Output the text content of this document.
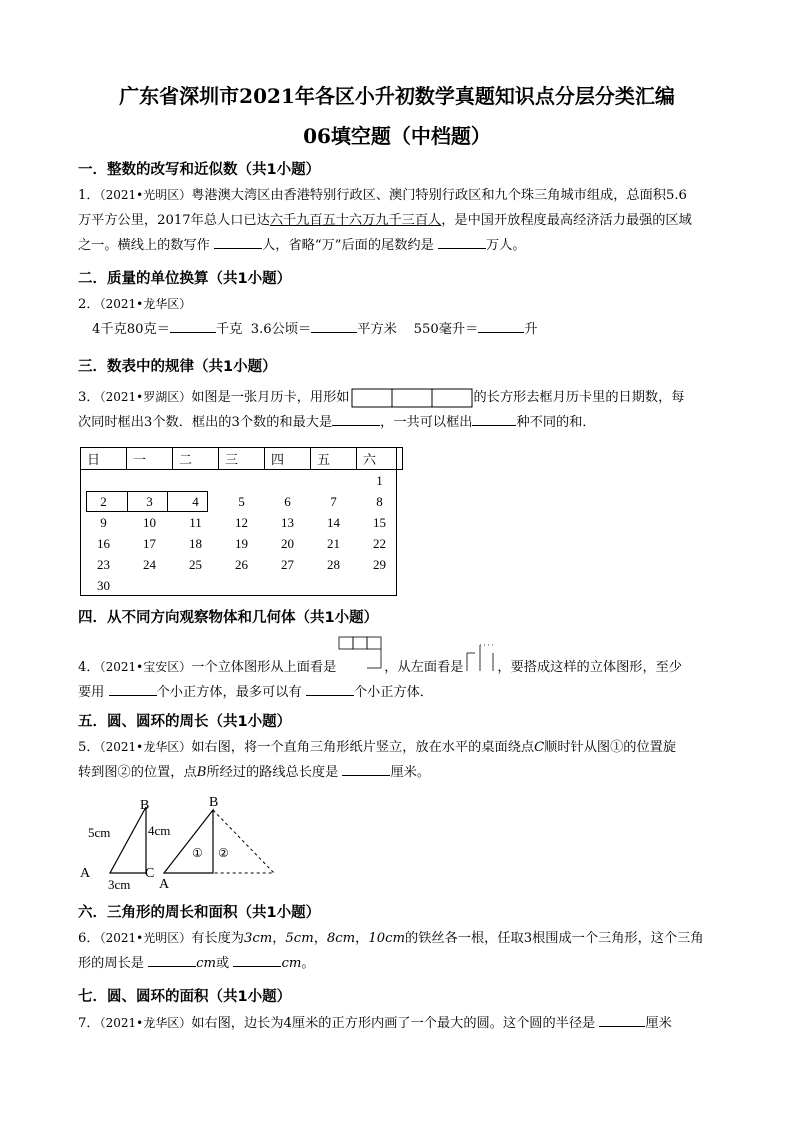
广东省深圳市2021年各区小升初数学真题知识点分层分类汇编
06填空题（中档题）
一．整数的改写和近似数（共1小题）
1．（2021•光明区）粤港澳大湾区由香港特别行政区、澳门特别行政区和九个珠三角城市组成，总面积5.6
万平方公里，2017年总人口已达六千九百五十六万九千三百人，是中国开放程度最高经济活力最强的区域
之一。横线上的数写作	人，省略“万”后面的尾数约是	万人。
二．质量的单位换算（共1小题）
2．（2021•龙华区）
4千克80克＝	千克 3.6公顷＝	平方米 550毫升＝	升
三．数表中的规律（共1小题）
3．（2021•罗湖区）如图是一张月历卡，用形如	的长方形去框月历卡里的日期数，每
次同时框出3个数．框出的3个数的和最大是	，一共可以框出	种不同的和．
日	一	二	三	四	五	六
						1
2	3	4	5	6	7	8
9	10	11	12	13	14	15
16	17	18	19	20	21	22
23	24	25	26	27	28	29
30						
四．从不同方向观察物体和几何体（共1小题）
4．（2021•宝安区）一个立体图形从上面看是	，从左面看是	，要搭成这样的立体图形，至少
要用	个小正方体，最多可以有	个小正方体．
五．圆、圆环的周长（共1小题）
5．（2021•龙华区）如右图，将一个直角三角形纸片竖立，放在水平的桌面绕点C顺时针从图①的位置旋
转到图②的位置，点B所经过的路线总长度是	厘米。
B
5cm	4cm
A	C
3cm
B
A
① ②
六．三角形的周长和面积（共1小题）
6．（2021•光明区）有长度为3cm，5cm，8cm，10cm的铁丝各一根，任取3根围成一个三角形，这个三角
形的周长是	cm或	cm。
七．圆、圆环的面积（共1小题）
7．（2021•龙华区）如右图，边长为4厘米的正方形内画了一个最大的圆。这个圆的半径是	厘米
